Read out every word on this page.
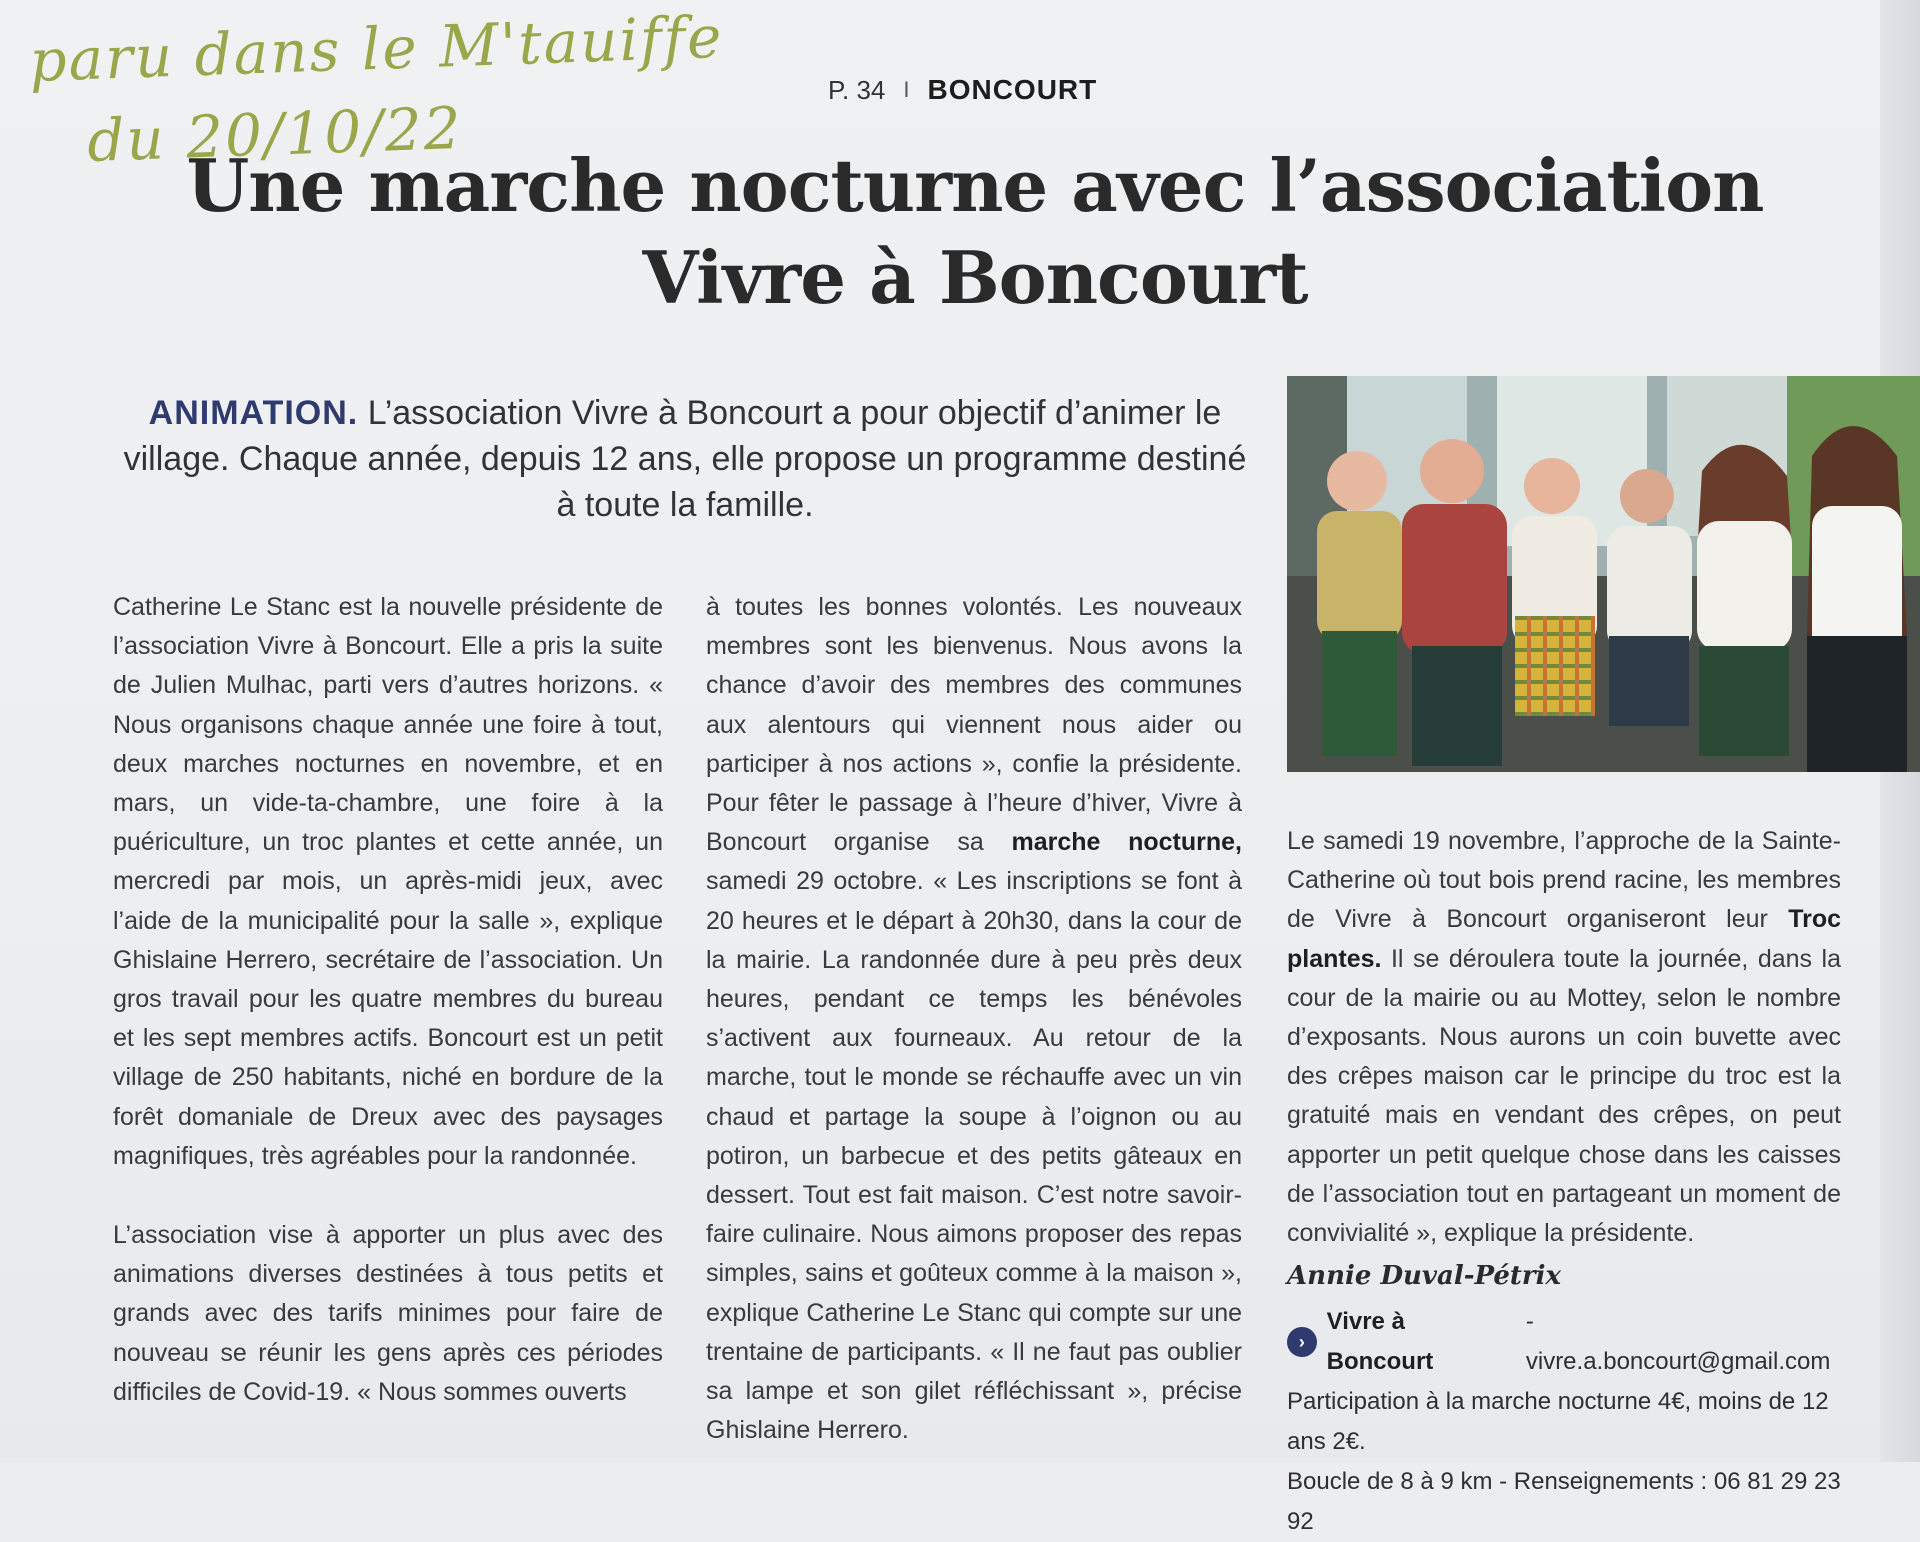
paru dans le M'tauiffe
du 20/10/22
P. 34 I BONCOURT
Une marche nocturne avec l’association
Vivre à Boncourt
ANIMATION. L’association Vivre à Boncourt a pour objectif d’animer le village. Chaque année, depuis 12 ans, elle propose un programme destiné à toute la famille.

Catherine Le Stanc est la nouvelle présidente de l’association Vivre à Boncourt. Elle a pris la suite de Julien Mulhac, parti vers d’autres horizons. « Nous organisons chaque année une foire à tout, deux marches nocturnes en novembre, et en mars, un vide-ta-chambre, une foire à la puériculture, un troc plantes et cette année, un mercredi par mois, un après-midi jeux, avec l’aide de la municipalité pour la salle », explique Ghislaine Herrero, secrétaire de l’association. Un gros travail pour les quatre membres du bureau et les sept membres actifs. Boncourt est un petit village de 250 habitants, niché en bordure de la forêt domaniale de Dreux avec des paysages magnifiques, très agréables pour la randonnée.

L’association vise à apporter un plus avec des animations diverses destinées à tous petits et grands avec des tarifs minimes pour faire de nouveau se réunir les gens après ces périodes difficiles de Covid-19. « Nous sommes ouverts

à toutes les bonnes volontés. Les nouveaux membres sont les bienvenus. Nous avons la chance d’avoir des membres des communes aux alentours qui viennent nous aider ou participer à nos actions », confie la présidente. Pour fêter le passage à l’heure d’hiver, Vivre à Boncourt organise sa marche nocturne, samedi 29 octobre. « Les inscriptions se font à 20 heures et le départ à 20h30, dans la cour de la mairie. La randonnée dure à peu près deux heures, pendant ce temps les bénévoles s’activent aux fourneaux. Au retour de la marche, tout le monde se réchauffe avec un vin chaud et partage la soupe à l’oignon ou au potiron, un barbecue et des petits gâteaux en dessert. Tout est fait maison. C’est notre savoir-faire culinaire. Nous aimons proposer des repas simples, sains et goûteux comme à la maison », explique Catherine Le Stanc qui compte sur une trentaine de participants. « Il ne faut pas oublier sa lampe et son gilet réfléchissant », précise Ghislaine Herrero.

Le samedi 19 novembre, l’approche de la Sainte-Catherine où tout bois prend racine, les membres de Vivre à Boncourt organiseront leur Troc plantes. Il se déroulera toute la journée, dans la cour de la mairie ou au Mottey, selon le nombre d’exposants. Nous aurons un coin buvette avec des crêpes maison car le principe du troc est la gratuité mais en vendant des crêpes, on peut apporter un petit quelque chose dans les caisses de l’association tout en partageant un moment de convivialité », explique la présidente.

Annie Duval-Pétrix
›
Vivre à Boncourt
- vivre.a.boncourt@gmail.com
Participation à la marche nocturne 4€, moins de 12 ans 2€.
Boucle de 8 à 9 km - Renseignements : 06 81 29 23 92
